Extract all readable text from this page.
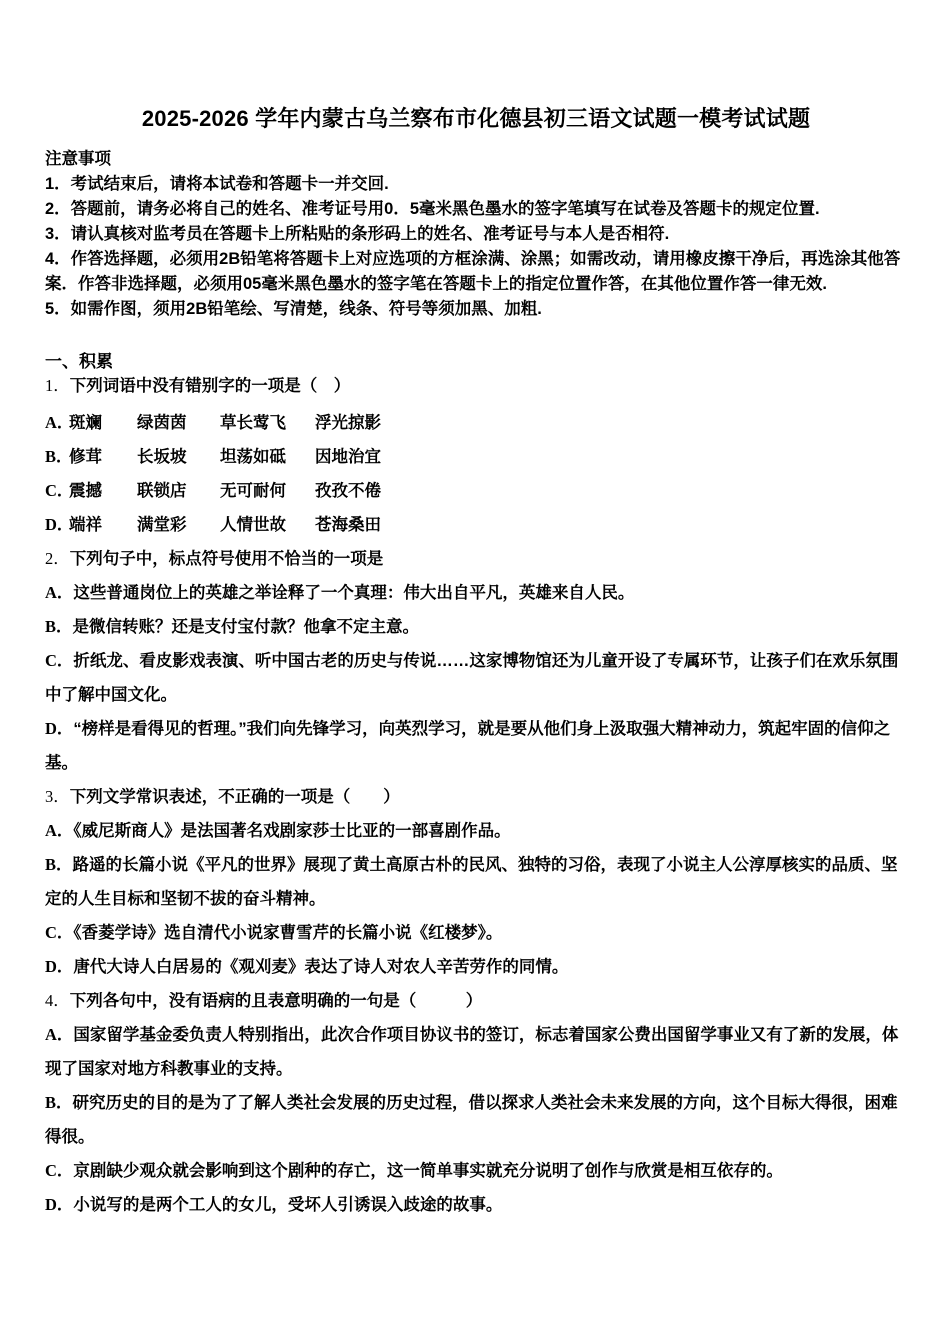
2025-2026 学年内蒙古乌兰察布市化德县初三语文试题一模考试试题

注意事项

1．考试结束后，请将本试卷和答题卡一并交回.

2．答题前，请务必将自己的姓名、准考证号用0．5毫米黑色墨水的签字笔填写在试卷及答题卡的规定位置.

3．请认真核对监考员在答题卡上所粘贴的条形码上的姓名、准考证号与本人是否相符.

4．作答选择题，必须用2B铅笔将答题卡上对应选项的方框涂满、涂黑；如需改动，请用橡皮擦干净后，再选涂其他答案．作答非选择题，必须用05毫米黑色墨水的签字笔在答题卡上的指定位置作答，在其他位置作答一律无效.

5．如需作图，须用2B铅笔绘、写清楚，线条、符号等须加黑、加粗.

一、积累

1．下列词语中没有错别字的一项是（　）

A．
斑斓	绿茵茵	草长莺飞	浮光掠影
B．
修茸	长坂坡	坦荡如砥	因地治宜
C．
震撼	联锁店	无可耐何	孜孜不倦
D．
端祥	满堂彩	人情世故	苍海桑田

2．下列句子中，标点符号使用不恰当的一项是

A．这些普通岗位上的英雄之举诠释了一个真理：伟大出自平凡，英雄来自人民。

B．是微信转账？还是支付宝付款？他拿不定主意。

C．折纸龙、看皮影戏表演、听中国古老的历史与传说……这家博物馆还为儿童开设了专属环节，让孩子们在欢乐氛围中了解中国文化。

D．“榜样是看得见的哲理。”我们向先锋学习，向英烈学习，就是要从他们身上汲取强大精神动力，筑起牢固的信仰之基。

3．下列文学常识表述，不正确的一项是（　　）

A．《威尼斯商人》是法国著名戏剧家莎士比亚的一部喜剧作品。

B．路遥的长篇小说《平凡的世界》展现了黄土高原古朴的民风、独特的习俗，表现了小说主人公淳厚核实的品质、坚定的人生目标和坚韧不拔的奋斗精神。

C．《香菱学诗》选自清代小说家曹雪芹的长篇小说《红楼梦》。

D．唐代大诗人白居易的《观刈麦》表达了诗人对农人辛苦劳作的同情。

4．下列各句中，没有语病的且表意明确的一句是（　　　）

A．国家留学基金委负责人特别指出，此次合作项目协议书的签订，标志着国家公费出国留学事业又有了新的发展，体现了国家对地方科教事业的支持。

B．研究历史的目的是为了了解人类社会发展的历史过程，借以探求人类社会未来发展的方向，这个目标大得很，困难得很。

C．京剧缺少观众就会影响到这个剧种的存亡，这一简单事实就充分说明了创作与欣赏是相互依存的。

D．小说写的是两个工人的女儿，受坏人引诱误入歧途的故事。
